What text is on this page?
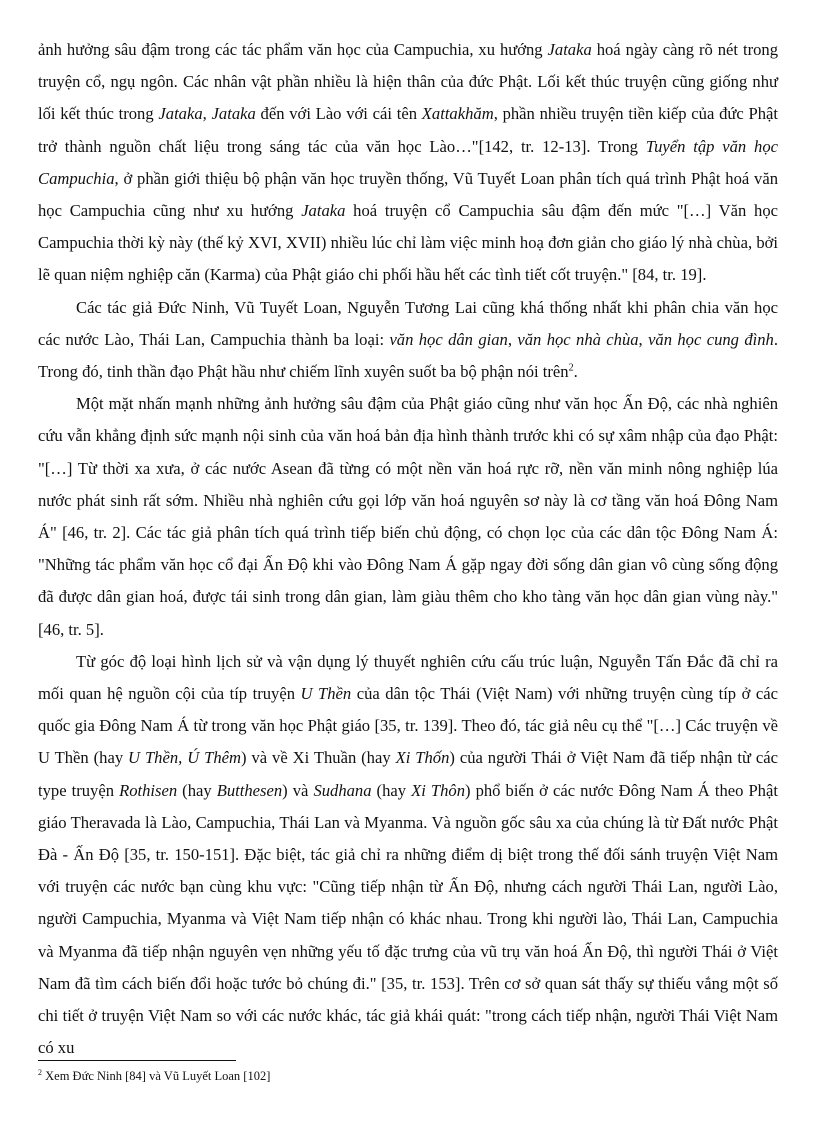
ảnh hưởng sâu đậm trong các tác phẩm văn học của Campuchia, xu hướng Jataka hoá ngày càng rõ nét trong truyện cổ, ngụ ngôn. Các nhân vật phần nhiều là hiện thân của đức Phật. Lối kết thúc truyện cũng giống như lối kết thúc trong Jataka, Jataka đến với Lào với cái tên Xattakhăm, phần nhiều truyện tiền kiếp của đức Phật trở thành nguồn chất liệu trong sáng tác của văn học Lào…"[142, tr. 12-13]. Trong Tuyển tập văn học Campuchia, ở phần giới thiệu bộ phận văn học truyền thống, Vũ Tuyết Loan phân tích quá trình Phật hoá văn học Campuchia cũng như xu hướng Jataka hoá truyện cổ Campuchia sâu đậm đến mức "[…] Văn học Campuchia thời kỳ này (thế kỷ XVI, XVII) nhiều lúc chỉ làm việc minh hoạ đơn giản cho giáo lý nhà chùa, bởi lẽ quan niệm nghiệp căn (Karma) của Phật giáo chi phối hầu hết các tình tiết cốt truyện." [84, tr. 19].

Các tác giả Đức Ninh, Vũ Tuyết Loan, Nguyễn Tương Lai cũng khá thống nhất khi phân chia văn học các nước Lào, Thái Lan, Campuchia thành ba loại: văn học dân gian, văn học nhà chùa, văn học cung đình. Trong đó, tinh thần đạo Phật hầu như chiếm lĩnh xuyên suốt ba bộ phận nói trên$^2$.

Một mặt nhấn mạnh những ảnh hưởng sâu đậm của Phật giáo cũng như văn học Ấn Độ, các nhà nghiên cứu vẫn khẳng định sức mạnh nội sinh của văn hoá bản địa hình thành trước khi có sự xâm nhập của đạo Phật: "[…] Từ thời xa xưa, ở các nước Asean đã từng có một nền văn hoá rực rỡ, nền văn minh nông nghiệp lúa nước phát sinh rất sớm. Nhiều nhà nghiên cứu gọi lớp văn hoá nguyên sơ này là cơ tầng văn hoá Đông Nam Á" [46, tr. 2]. Các tác giả phân tích quá trình tiếp biến chủ động, có chọn lọc của các dân tộc Đông Nam Á: "Những tác phẩm văn học cổ đại Ấn Độ khi vào Đông Nam Á gặp ngay đời sống dân gian vô cùng sống động đã được dân gian hoá, được tái sinh trong dân gian, làm giàu thêm cho kho tàng văn học dân gian vùng này." [46, tr. 5].

Từ góc độ loại hình lịch sử và vận dụng lý thuyết nghiên cứu cấu trúc luận, Nguyễn Tấn Đắc đã chỉ ra mối quan hệ nguồn cội của típ truyện U Thền của dân tộc Thái (Việt Nam) với những truyện cùng típ ở các quốc gia Đông Nam Á từ trong văn học Phật giáo [35, tr. 139]. Theo đó, tác giả nêu cụ thể "[…] Các truyện về U Thền (hay U Thền, Ú Thêm) và về Xi Thuần (hay Xi Thốn) của người Thái ở Việt Nam đã tiếp nhận từ các type truyện Rothisen (hay Butthesen) và Sudhana (hay Xi Thôn) phổ biến ở các nước Đông Nam Á theo Phật giáo Theravada là Lào, Campuchia, Thái Lan và Myanma. Và nguồn gốc sâu xa của chúng là từ Đất nước Phật Đà - Ấn Độ [35, tr. 150-151]. Đặc biệt, tác giả chỉ ra những điểm dị biệt trong thế đối sánh truyện Việt Nam với truyện các nước bạn cùng khu vực: "Cũng tiếp nhận từ Ấn Độ, nhưng cách người Thái Lan, người Lào, người Campuchia, Myanma và Việt Nam tiếp nhận có khác nhau. Trong khi người lào, Thái Lan, Campuchia và Myanma đã tiếp nhận nguyên vẹn những yếu tố đặc trưng của vũ trụ văn hoá Ấn Độ, thì người Thái ở Việt Nam đã tìm cách biến đổi hoặc tước bỏ chúng đi." [35, tr. 153]. Trên cơ sở quan sát thấy sự thiếu vắng một số chi tiết ở truyện Việt Nam so với các nước khác, tác giả khái quát: "trong cách tiếp nhận, người Thái Việt Nam có xu

$^2$ Xem Đức Ninh [84] và Vũ Luyết Loan [102]
